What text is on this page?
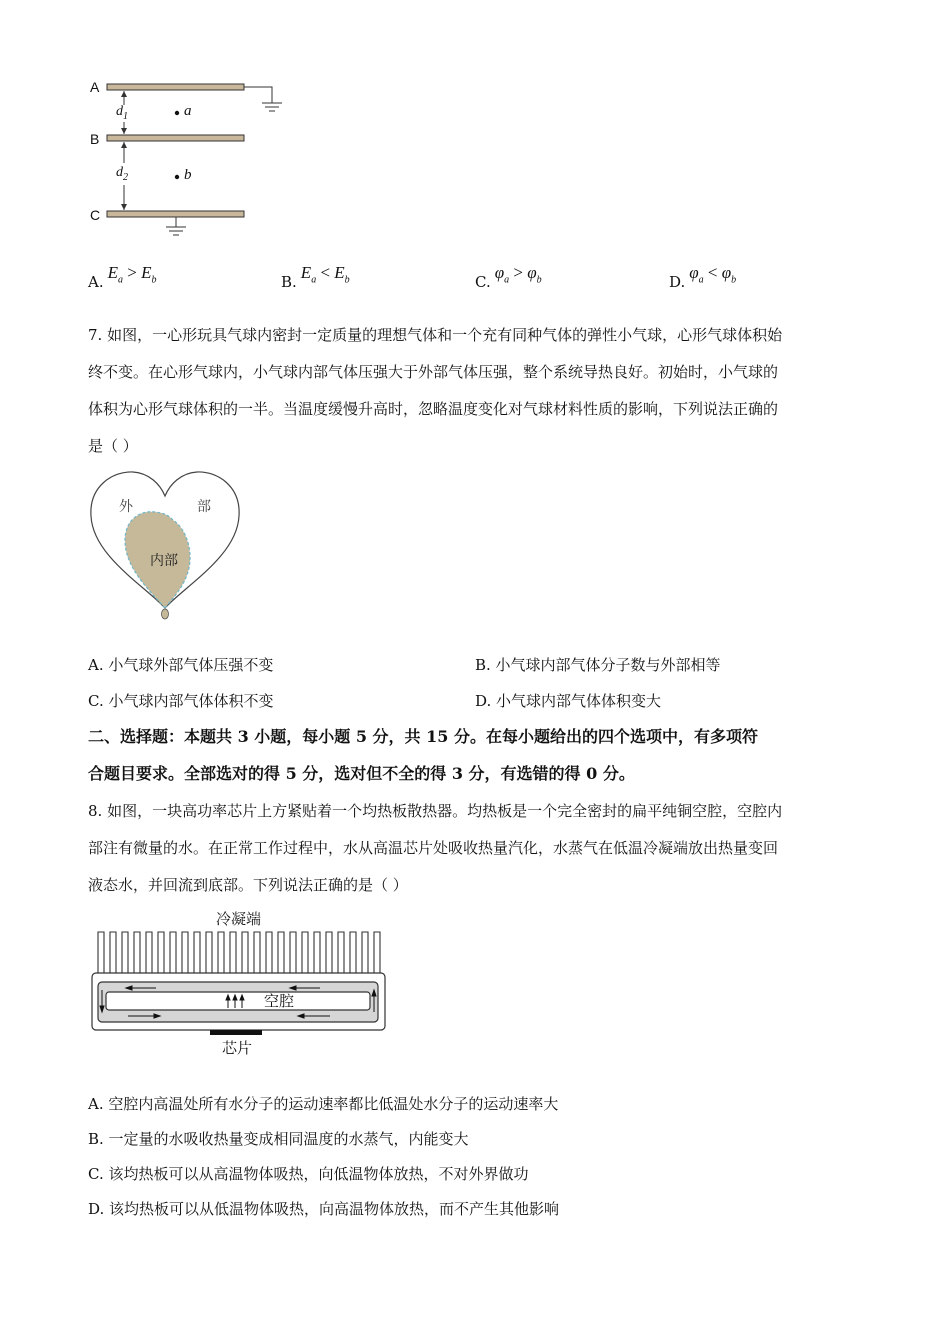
A
B
C
$d_1$
$d_2$
a
b
A.
$E_a > E_b$	B.
$E_a < E_b$	C.
$\varphi_a > \varphi_b$	D.
$\varphi_a < \varphi_b$
7. 如图，一心形玩具气球内密封一定质量的理想气体和一个充有同种气体的弹性小气球，心形气球体积始
终不变。在心形气球内，小气球内部气体压强大于外部气体压强，整个系统导热良好。初始时，小气球的
体积为心形气球体积的一半。当温度缓慢升高时，忽略温度变化对气球材料性质的影响，下列说法正确的
是（ ）
外	部
内部
A. 小气球外部气体压强不变	B. 小气球内部气体分子数与外部相等
C. 小气球内部气体体积不变	D. 小气球内部气体体积变大
二、选择题：本题共 3 小题，每小题 5 分，共 15 分。在每小题给出的四个选项中，有多项符
合题目要求。全部选对的得 5 分，选对但不全的得 3 分，有选错的得 0 分。
8. 如图，一块高功率芯片上方紧贴着一个均热板散热器。均热板是一个完全密封的扁平纯铜空腔，空腔内
部注有微量的水。在正常工作过程中，水从高温芯片处吸收热量汽化，水蒸气在低温冷凝端放出热量变回
液态水，并回流到底部。下列说法正确的是（ ）
冷凝端
空腔
芯片
A. 空腔内高温处所有水分子的运动速率都比低温处水分子的运动速率大
B. 一定量的水吸收热量变成相同温度的水蒸气，内能变大
C. 该均热板可以从高温物体吸热，向低温物体放热，不对外界做功
D. 该均热板可以从低温物体吸热，向高温物体放热，而不产生其他影响
